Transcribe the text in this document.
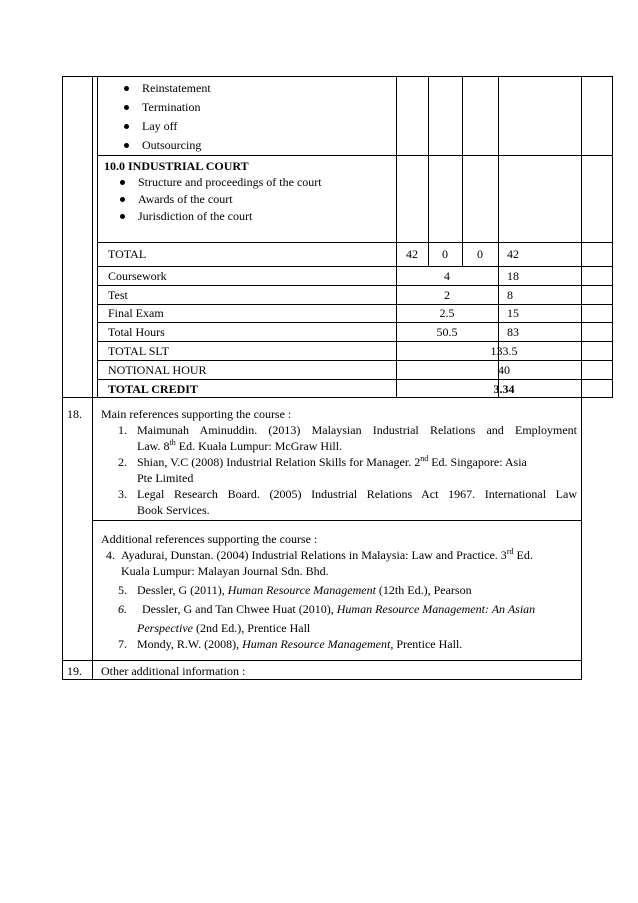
Reinstatement
Termination
Lay off
Outsourcing
10.0 INDUSTRIAL COURT
Structure and proceedings of the court
Awards of the court
Jurisdiction of the court
TOTAL	42	0	0	42
Coursework	4	18
Test	2	8
Final Exam	2.5	15
Total Hours	50.5	83
TOTAL SLT	133.5
NOTIONAL HOUR	40
TOTAL CREDIT	3.34
18. Main references supporting the course :
1. Maimunah Aminuddin. (2013) Malaysian Industrial Relations and Employment
Law. 8th Ed. Kuala Lumpur: McGraw Hill.
2. Shian, V.C (2008) Industrial Relation Skills for Manager. 2nd Ed. Singapore: Asia
Pte Limited
3. Legal Research Board. (2005) Industrial Relations Act 1967. International Law
Book Services.
Additional references supporting the course :
4. Ayadurai, Dunstan. (2004) Industrial Relations in Malaysia: Law and Practice. 3rd Ed.
Kuala Lumpur: Malayan Journal Sdn. Bhd.
5. Dessler, G (2011), Human Resource Management (12th Ed.), Pearson
6. Dessler, G and Tan Chwee Huat (2010), Human Resource Management: An Asian
Perspective (2nd Ed.), Prentice Hall
7. Mondy, R.W. (2008), Human Resource Management, Prentice Hall.
19. Other additional information :
